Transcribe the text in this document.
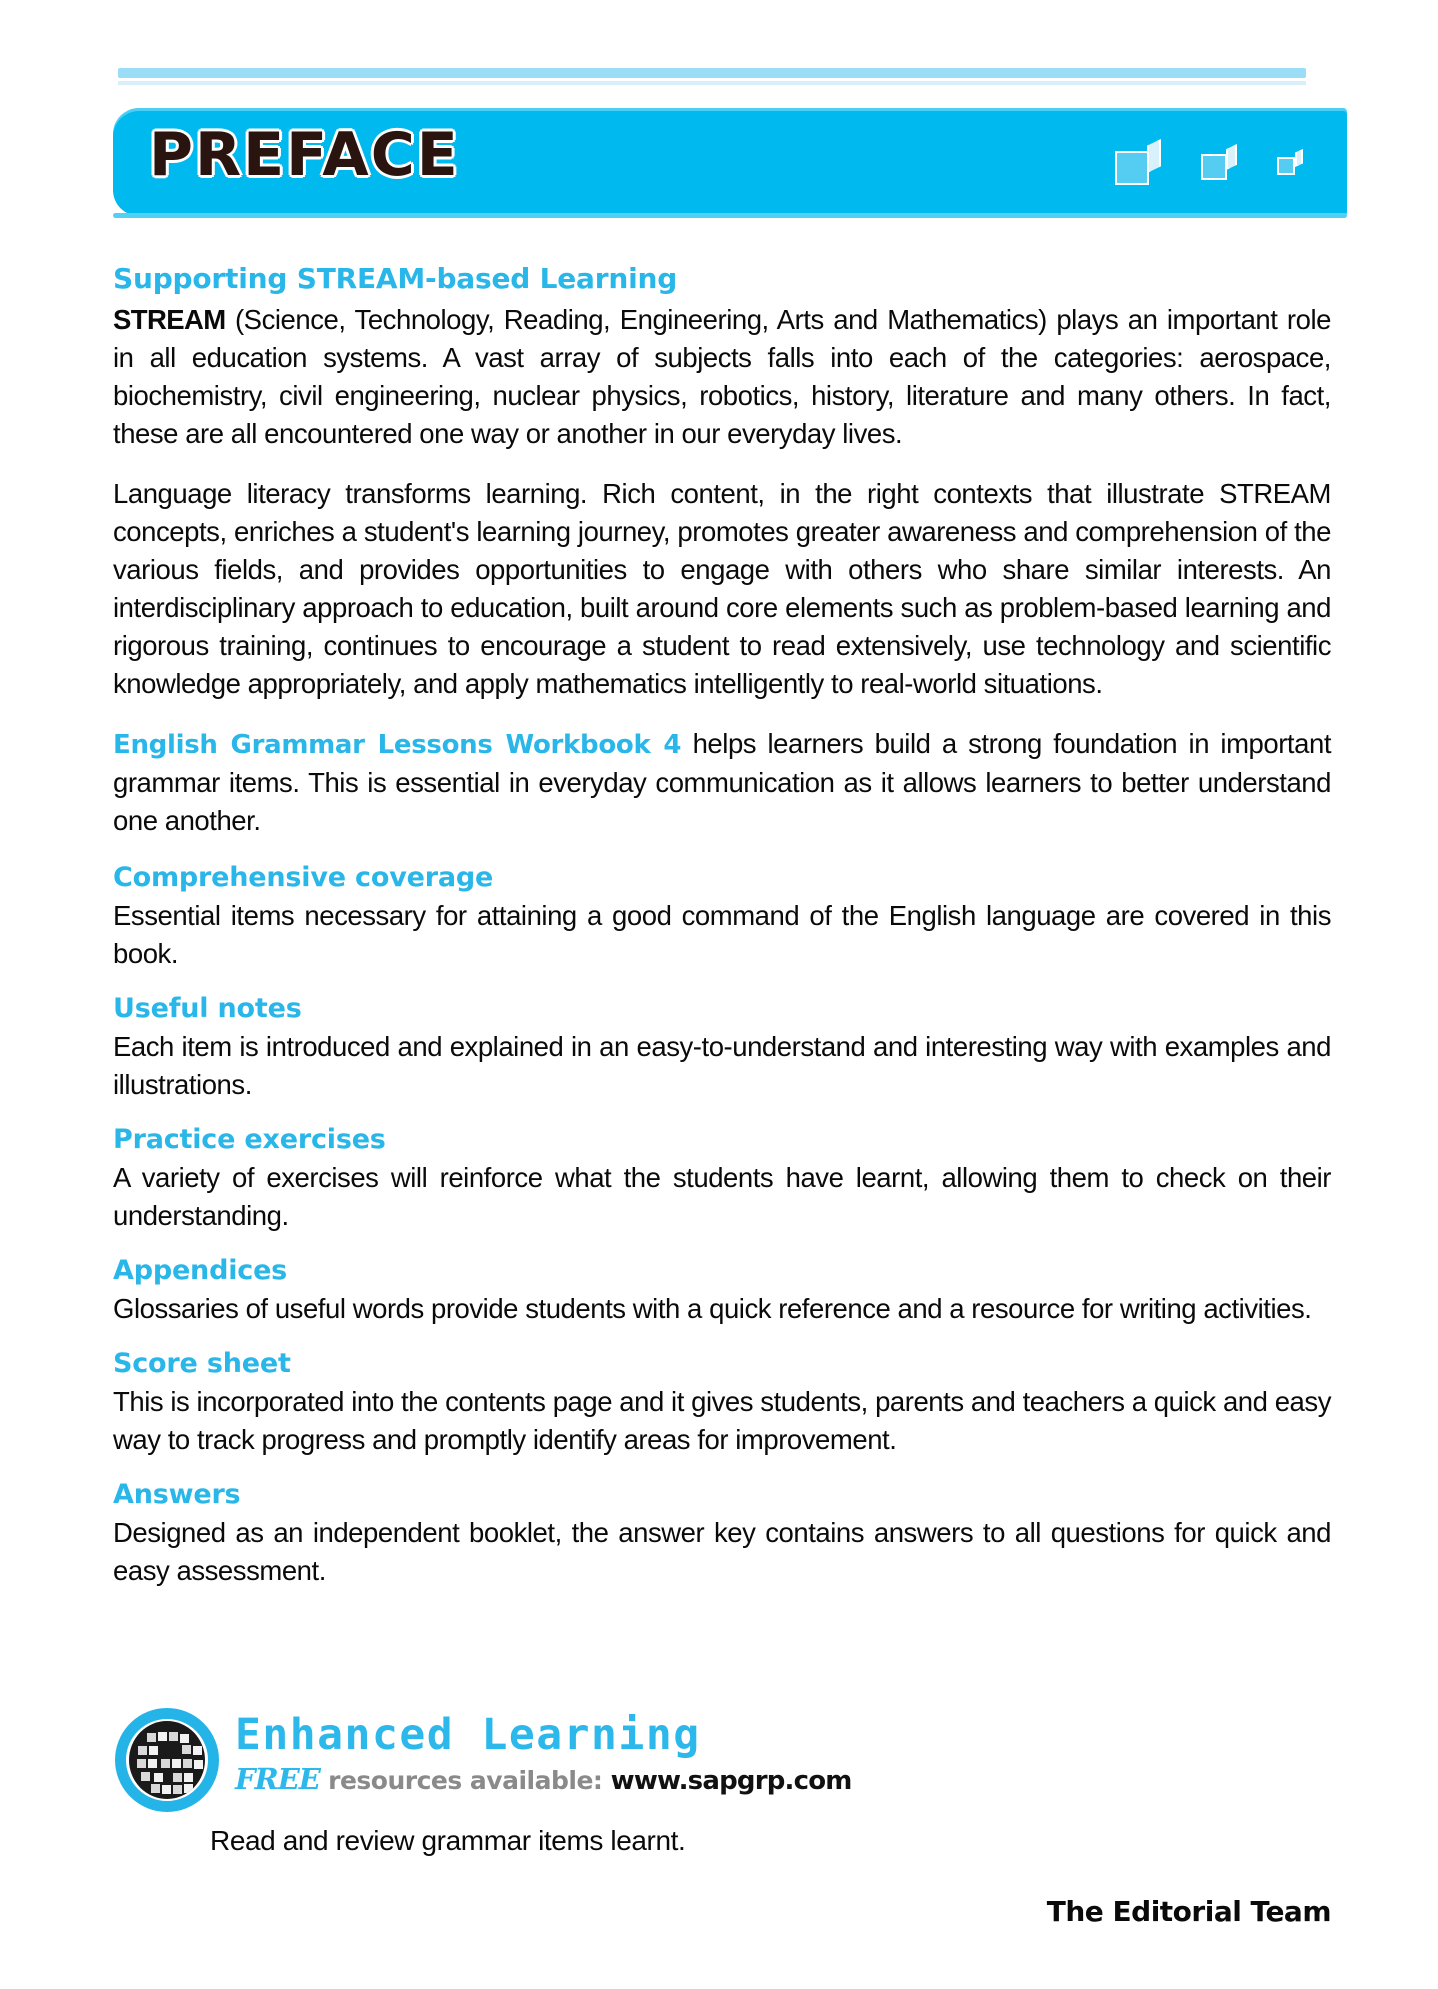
PREFACE
Supporting STREAM-based Learning

STREAM (Science, Technology, Reading, Engineering, Arts and Mathematics) plays an important role in all education systems. A vast array of subjects falls into each of the categories: aerospace, biochemistry, civil engineering, nuclear physics, robotics, history, literature and many others. In fact, these are all encountered one way or another in our everyday lives.

Language literacy transforms learning. Rich content, in the right contexts that illustrate STREAM concepts, enriches a student's learning journey, promotes greater awareness and comprehension of the various fields, and provides opportunities to engage with others who share similar interests. An interdisciplinary approach to education, built around core elements such as problem-based learning and rigorous training, continues to encourage a student to read extensively, use technology and scientific knowledge appropriately, and apply mathematics intelligently to real-world situations.

English Grammar Lessons Workbook 4 helps learners build a strong foundation in important grammar items. This is essential in everyday communication as it allows learners to better understand one another.

Comprehensive coverage

Essential items necessary for attaining a good command of the English language are covered in this book.

Useful notes

Each item is introduced and explained in an easy-to-understand and interesting way with examples and illustrations.

Practice exercises

A variety of exercises will reinforce what the students have learnt, allowing them to check on their understanding.

Appendices

Glossaries of useful words provide students with a quick reference and a resource for writing activities.

Score sheet

This is incorporated into the contents page and it gives students, parents and teachers a quick and easy way to track progress and promptly identify areas for improvement.

Answers

Designed as an independent booklet, the answer key contains answers to all questions for quick and easy assessment.

Enhanced Learning
FREE resources available: www.sapgrp.com
Read and review grammar items learnt.
The Editorial Team
